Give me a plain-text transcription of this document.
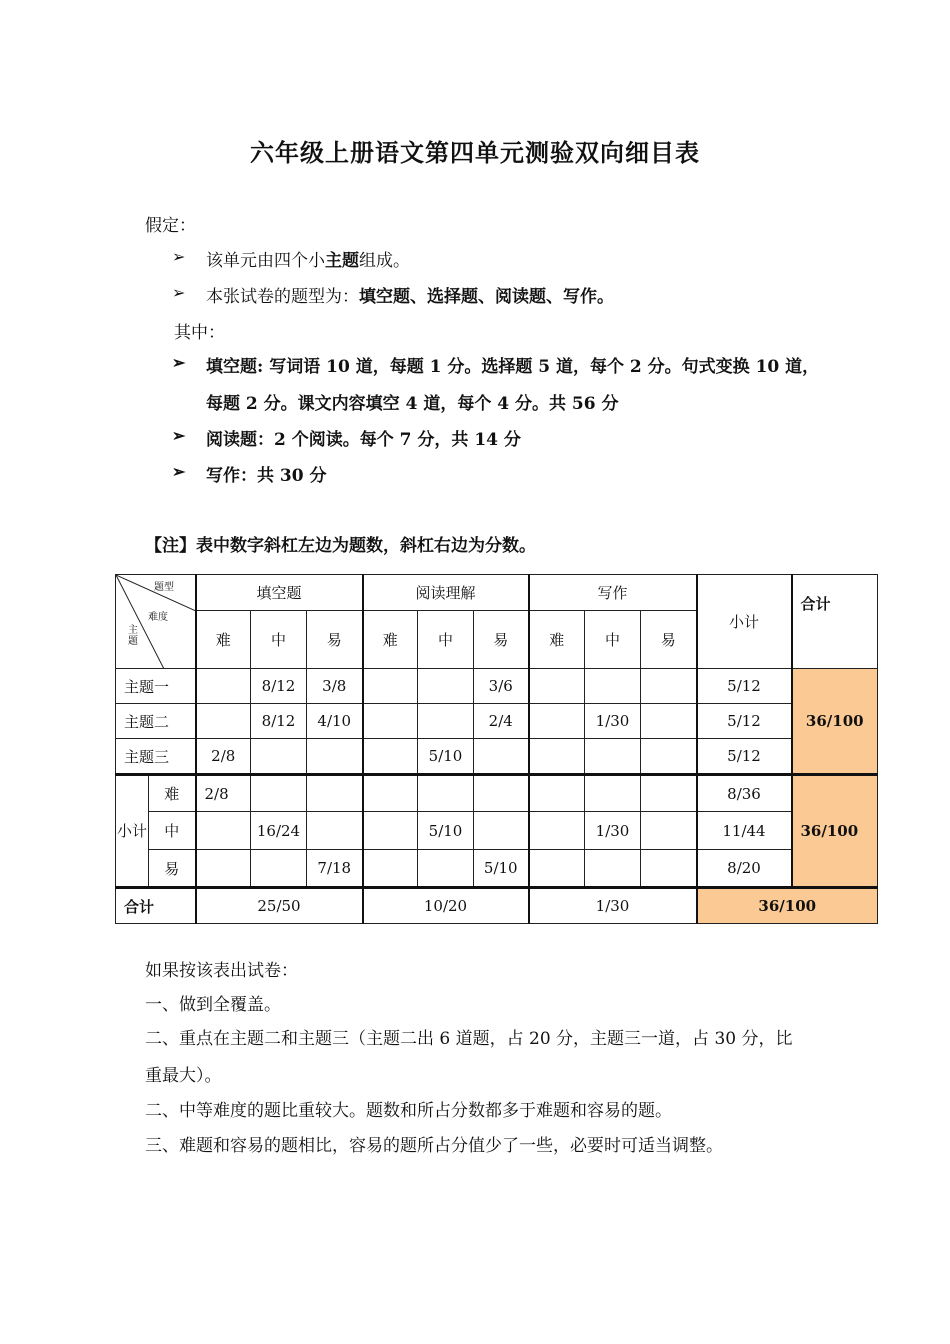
六年级上册语文第四单元测验双向细目表
假定：
➢ 该单元由四个小主题组成。
➢ 本张试卷的题型为：填空题、选择题、阅读题、写作。
其中：
➢ 填空题: 写词语 10 道，每题 1 分。选择题 5 道，每个 2 分。句式变换 10 道，
每题 2 分。课文内容填空 4 道，每个 4 分。共 56 分
➢ 阅读题：2 个阅读。每个 7 分，共 14 分
➢ 写作：共 30 分
【注】表中数字斜杠左边为题数，斜杠右边为分数。
题型
难度
主题		填空题			阅读理解			写作			小计	合计
		难	中	易	难	中	易	难	中	易		
主题一			8/12	3/8			3/6				5/12	36/100
主题二			8/12	4/10			2/4		1/30		5/12	
主题三		2/8				5/10					5/12	
小计	难	2/8									8/36	36/100
	中		16/24			5/10			1/30		11/44	
	易			7/18			5/10				8/20	
合计		25/50			10/20			1/30			36/100	
如果按该表出试卷：
一、做到全覆盖。
二、重点在主题二和主题三（主题二出 6 道题，占 20 分，主题三一道，占 30 分，比
重最大）。
二、中等难度的题比重较大。题数和所占分数都多于难题和容易的题。
三、难题和容易的题相比，容易的题所占分值少了一些，必要时可适当调整。
